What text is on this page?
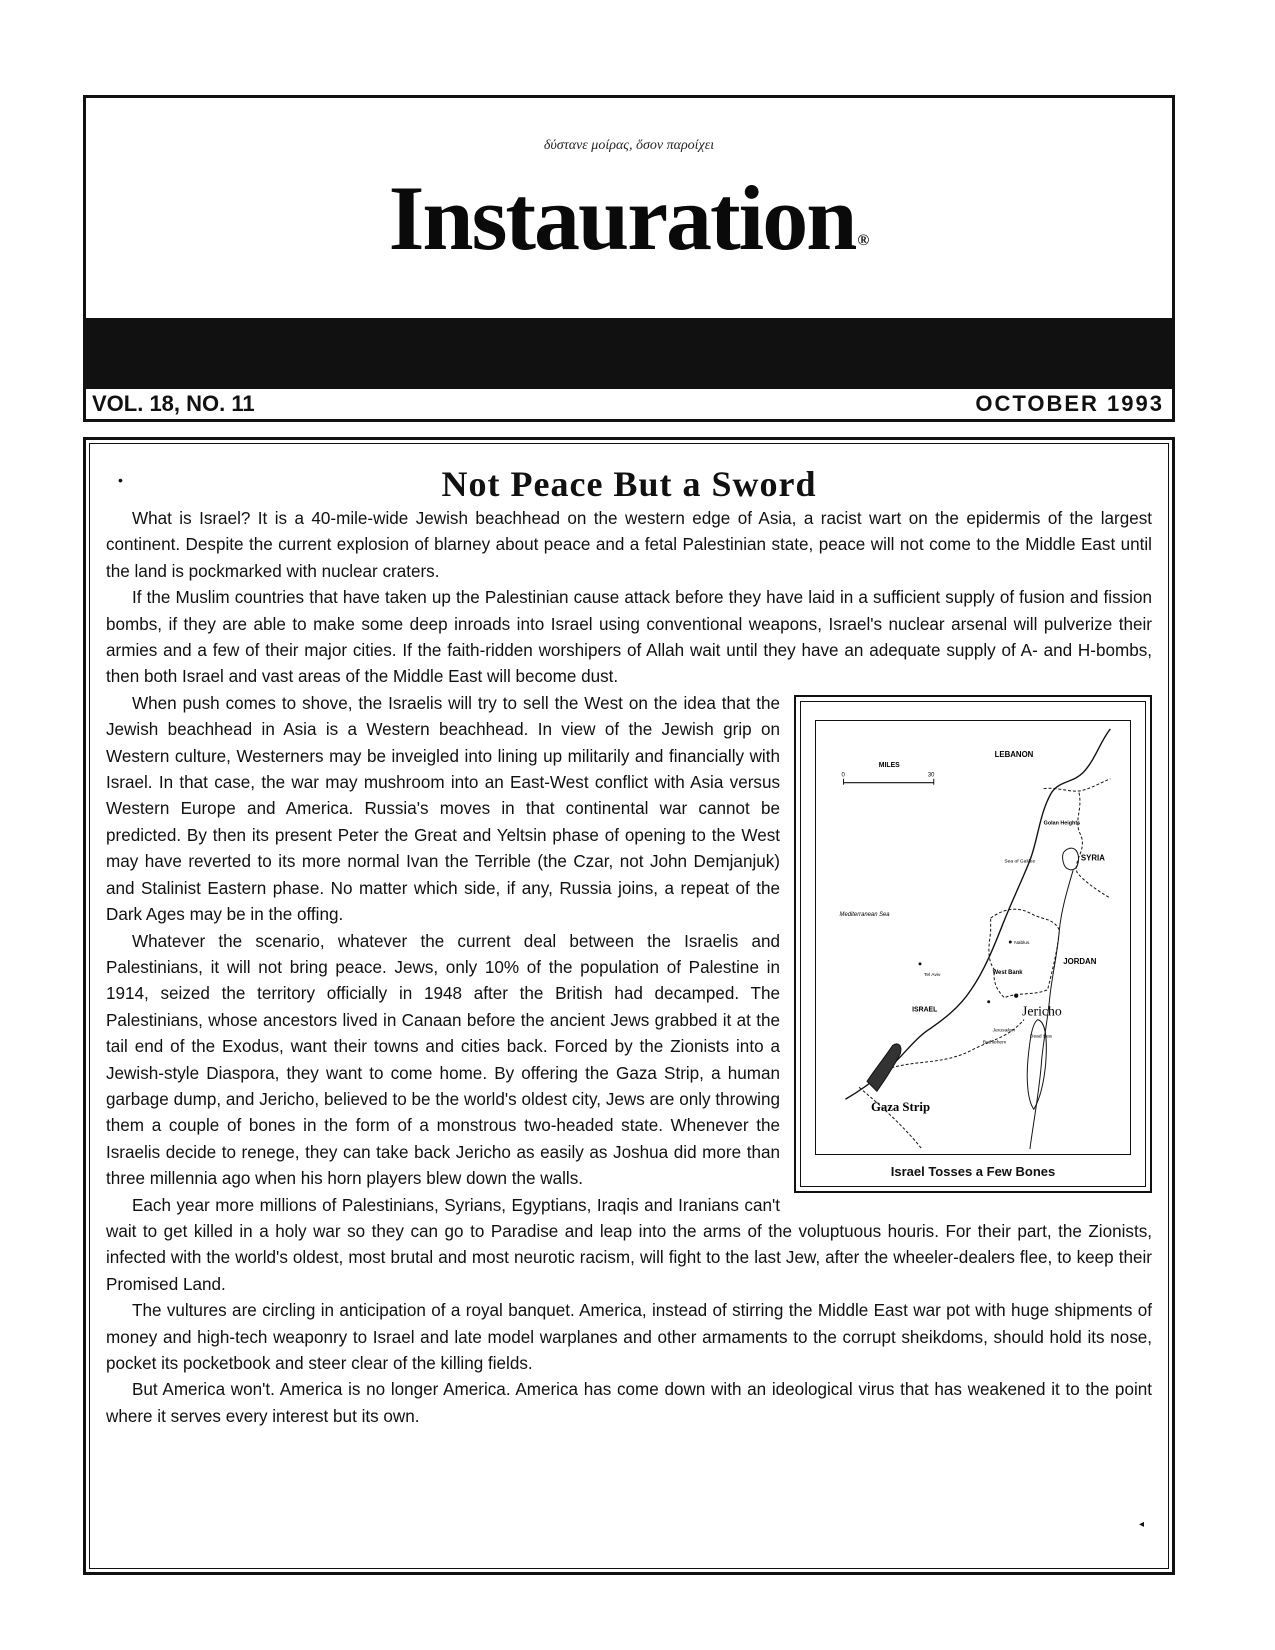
δύστανε μοίρας, ὅσον παροίχει
Instauration ®
VOL. 18, NO. 11	OCTOBER 1993
•	Not Peace But a Sword

What is Israel? It is a 40-mile-wide Jewish beachhead on the western edge of Asia, a racist wart on the epidermis of the largest continent. Despite the current explosion of blarney about peace and a fetal Palestinian state, peace will not come to the Middle East until the land is pockmarked with nuclear craters.

If the Muslim countries that have taken up the Palestinian cause attack before they have laid in a sufficient supply of fusion and fission bombs, if they are able to make some deep inroads into Israel using conventional weapons, Israel's nuclear arsenal will pulverize their armies and a few of their major cities. If the faith-ridden worshipers of Allah wait until they have an adequate supply of A- and H-bombs, then both Israel and vast areas of the Middle East will become dust.

MILES
0	30
LEBANON
Golan Heights
Sea of Galilee	SYRIA
Mediterranean Sea
Nablus
JORDAN
Tel Aviv	West Bank
ISRAEL	Jericho
Jerusalem
Bethlehem
Dead Sea
Gaza Strip
Israel Tosses a Few Bones

When push comes to shove, the Israelis will try to sell the West on the idea that the Jewish beachhead in Asia is a Western beachhead. In view of the Jewish grip on Western culture, Westerners may be inveigled into lining up militarily and financially with Israel. In that case, the war may mushroom into an East-West conflict with Asia versus Western Europe and America. Russia's moves in that continental war cannot be predicted. By then its present Peter the Great and Yeltsin phase of opening to the West may have reverted to its more normal Ivan the Terrible (the Czar, not John Demjanjuk) and Stalinist Eastern phase. No matter which side, if any, Russia joins, a repeat of the Dark Ages may be in the offing.

Whatever the scenario, whatever the current deal between the Israelis and Palestinians, it will not bring peace. Jews, only 10% of the population of Palestine in 1914, seized the territory officially in 1948 after the British had decamped. The Palestinians, whose ancestors lived in Canaan before the ancient Jews grabbed it at the tail end of the Exodus, want their towns and cities back. Forced by the Zionists into a Jewish-style Diaspora, they want to come home. By offering the Gaza Strip, a human garbage dump, and Jericho, believed to be the world's oldest city, Jews are only throwing them a couple of bones in the form of a monstrous two-headed state. Whenever the Israelis decide to renege, they can take back Jericho as easily as Joshua did more than three millennia ago when his horn players blew down the walls.

Each year more millions of Palestinians, Syrians, Egyptians, Iraqis and Iranians can't wait to get killed in a holy war so they can go to Paradise and leap into the arms of the voluptuous houris. For their part, the Zionists, infected with the world's oldest, most brutal and most neurotic racism, will fight to the last Jew, after the wheeler-dealers flee, to keep their Promised Land.

The vultures are circling in anticipation of a royal banquet. America, instead of stirring the Middle East war pot with huge shipments of money and high-tech weaponry to Israel and late model warplanes and other armaments to the corrupt sheikdoms, should hold its nose, pocket its pocketbook and steer clear of the killing fields.

But America won't. America is no longer America. America has come down with an ideological virus that has weakened it to the point where it serves every interest but its own.

◂
